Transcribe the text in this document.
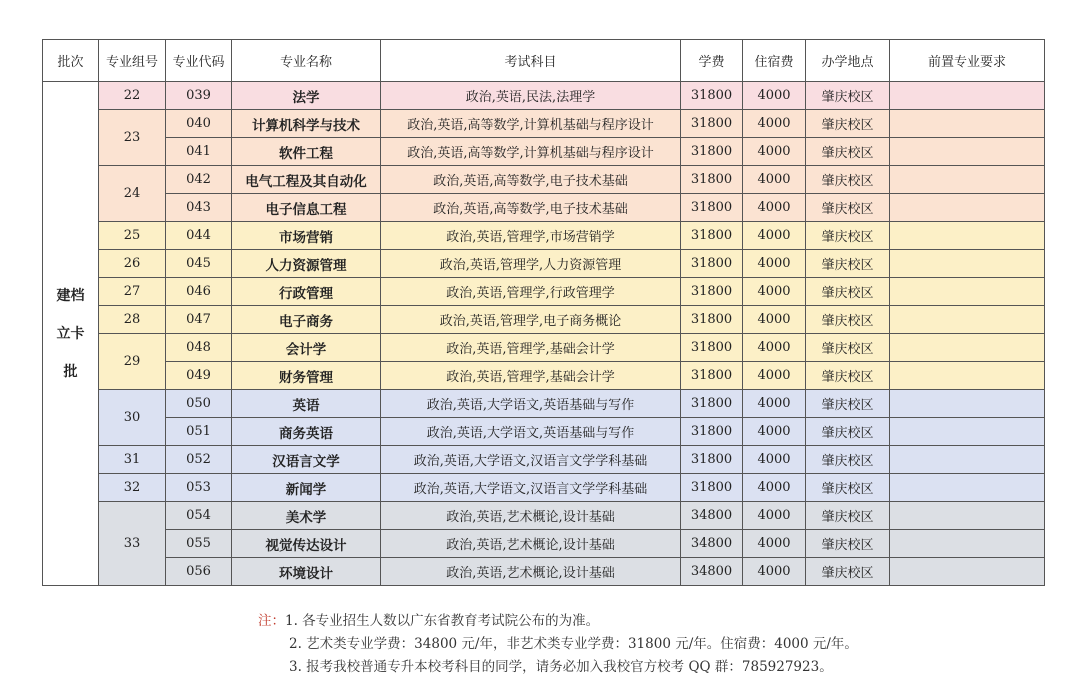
批次	专业组号	专业代码	专业名称	考试科目	学费	住宿费	办学地点	前置专业要求

建档
立卡
批	22	039	法学	政治,英语,民法,法理学	31800	4000	肇庆校区	
	23	040	计算机科学与技术	政治,英语,高等数学,计算机基础与程序设计	31800	4000	肇庆校区	
		041	软件工程	政治,英语,高等数学,计算机基础与程序设计	31800	4000	肇庆校区	
	24	042	电气工程及其自动化	政治,英语,高等数学,电子技术基础	31800	4000	肇庆校区	
		043	电子信息工程	政治,英语,高等数学,电子技术基础	31800	4000	肇庆校区	
	25	044	市场营销	政治,英语,管理学,市场营销学	31800	4000	肇庆校区	
	26	045	人力资源管理	政治,英语,管理学,人力资源管理	31800	4000	肇庆校区	
	27	046	行政管理	政治,英语,管理学,行政管理学	31800	4000	肇庆校区	
	28	047	电子商务	政治,英语,管理学,电子商务概论	31800	4000	肇庆校区	
	29	048	会计学	政治,英语,管理学,基础会计学	31800	4000	肇庆校区	
		049	财务管理	政治,英语,管理学,基础会计学	31800	4000	肇庆校区	
	30	050	英语	政治,英语,大学语文,英语基础与写作	31800	4000	肇庆校区	
		051	商务英语	政治,英语,大学语文,英语基础与写作	31800	4000	肇庆校区	
	31	052	汉语言文学	政治,英语,大学语文,汉语言文学学科基础	31800	4000	肇庆校区	
	32	053	新闻学	政治,英语,大学语文,汉语言文学学科基础	31800	4000	肇庆校区	
	33	054	美术学	政治,英语,艺术概论,设计基础	34800	4000	肇庆校区	
		055	视觉传达设计	政治,英语,艺术概论,设计基础	34800	4000	肇庆校区	
		056	环境设计	政治,英语,艺术概论,设计基础	34800	4000	肇庆校区	
注：1. 各专业招生人数以广东省教育考试院公布的为准。
2. 艺术类专业学费：34800 元/年，非艺术类专业学费：31800 元/年。住宿费：4000 元/年。
3. 报考我校普通专升本校考科目的同学，请务必加入我校官方校考 QQ 群：785927923。
